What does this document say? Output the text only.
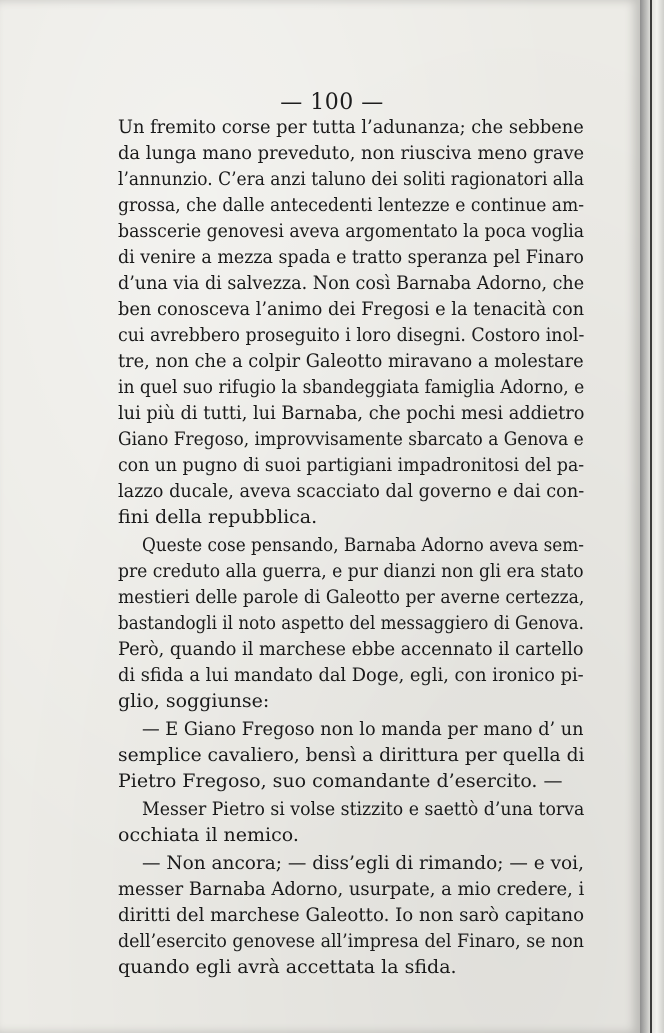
— 100 —
Un fremito corse per tutta l’adunanza; che sebbene
da lunga mano preveduto, non riusciva meno grave
l’annunzio. C’era anzi taluno dei soliti ragionatori alla
grossa, che dalle antecedenti lentezze e continue am-
basscerie genovesi aveva argomentato la poca voglia
di venire a mezza spada e tratto speranza pel Finaro
d’una via di salvezza. Non così Barnaba Adorno, che
ben conosceva l’animo dei Fregosi e la tenacità con
cui avrebbero proseguito i loro disegni. Costoro inol-
tre, non che a colpir Galeotto miravano a molestare
in quel suo rifugio la sbandeggiata famiglia Adorno, e
lui più di tutti, lui Barnaba, che pochi mesi addietro
Giano Fregoso, improvvisamente sbarcato a Genova e
con un pugno di suoi partigiani impadronitosi del pa-
lazzo ducale, aveva scacciato dal governo e dai con-
fini della repubblica.
Queste cose pensando, Barnaba Adorno aveva sem-
pre creduto alla guerra, e pur dianzi non gli era stato
mestieri delle parole di Galeotto per averne certezza,
bastandogli il noto aspetto del messaggiero di Genova.
Però, quando il marchese ebbe accennato il cartello
di sfida a lui mandato dal Doge, egli, con ironico pi-
glio, soggiunse:
— E Giano Fregoso non lo manda per mano d’ un
semplice cavaliero, bensì a dirittura per quella di
Pietro Fregoso, suo comandante d’esercito. —
Messer Pietro si volse stizzito e saettò d’una torva
occhiata il nemico.
— Non ancora; — diss’egli di rimando; — e voi,
messer Barnaba Adorno, usurpate, a mio credere, i
diritti del marchese Galeotto. Io non sarò capitano
dell’esercito genovese all’impresa del Finaro, se non
quando egli avrà accettata la sfida.
